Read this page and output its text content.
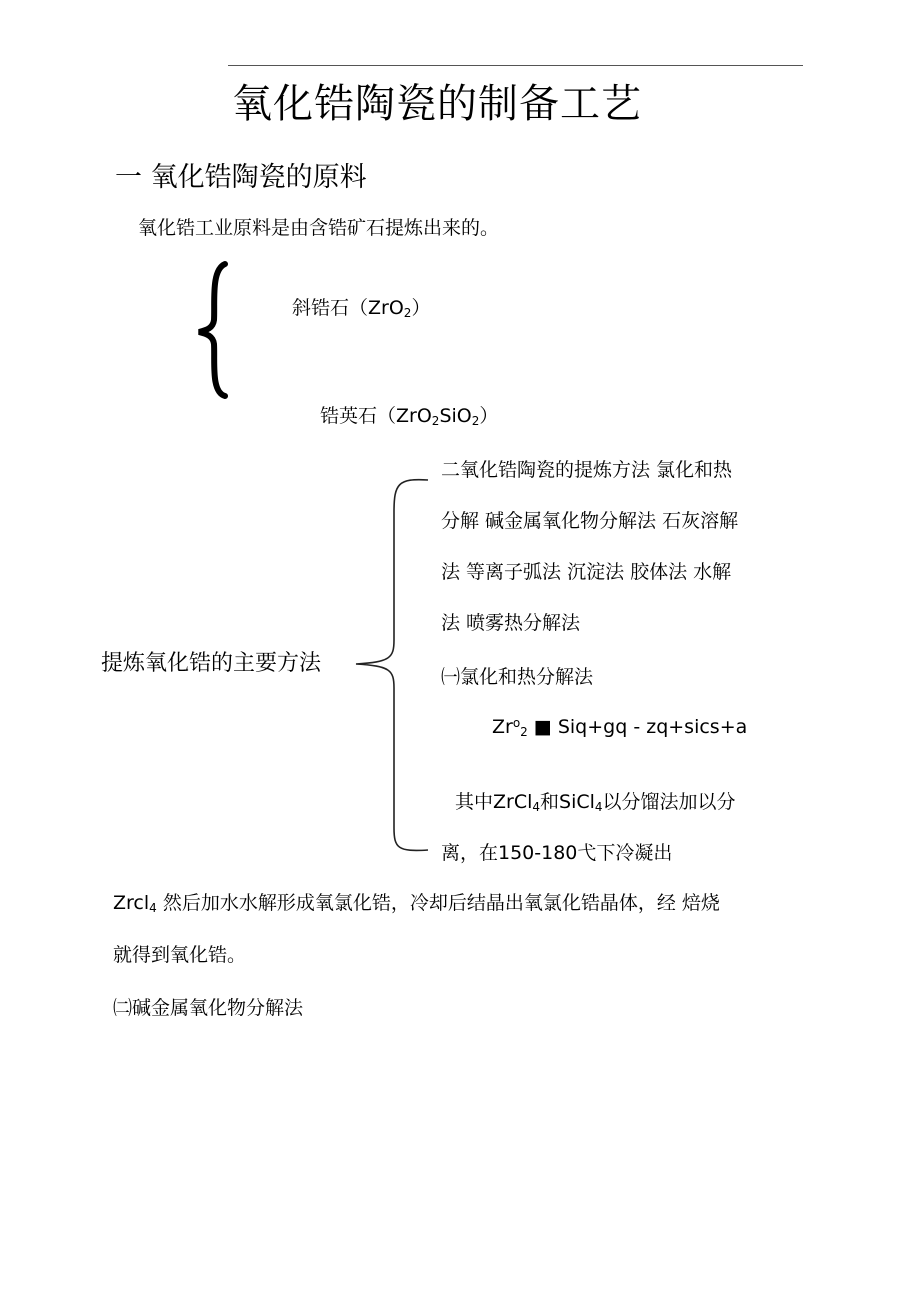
氧化锆陶瓷的制备工艺
一 氧化锆陶瓷的原料
氧化锆工业原料是由含锆矿石提炼出来的。
斜锆石（ZrO$_2$）
锆英石（ZrO$_2$SiO$_2$）
提炼氧化锆的主要方法
二氧化锆陶瓷的提炼方法 氯化和热
分解 碱金属氧化物分解法 石灰溶解
法 等离子弧法 沉淀法 胶体法 水解
法 喷雾热分解法
㈠氯化和热分解法
$Zr^o_2$ ■ Siq+gq - zq+sics+a
其中ZrCl$_4$和SiCl$_4$以分馏法加以分
离，在150-180弋下冷凝出
Zrcl$_4$ 然后加水水解形成氧氯化锆，冷却后结晶出氧氯化锆晶体，经 焙烧
就得到氧化锆。
㈡碱金属氧化物分解法
